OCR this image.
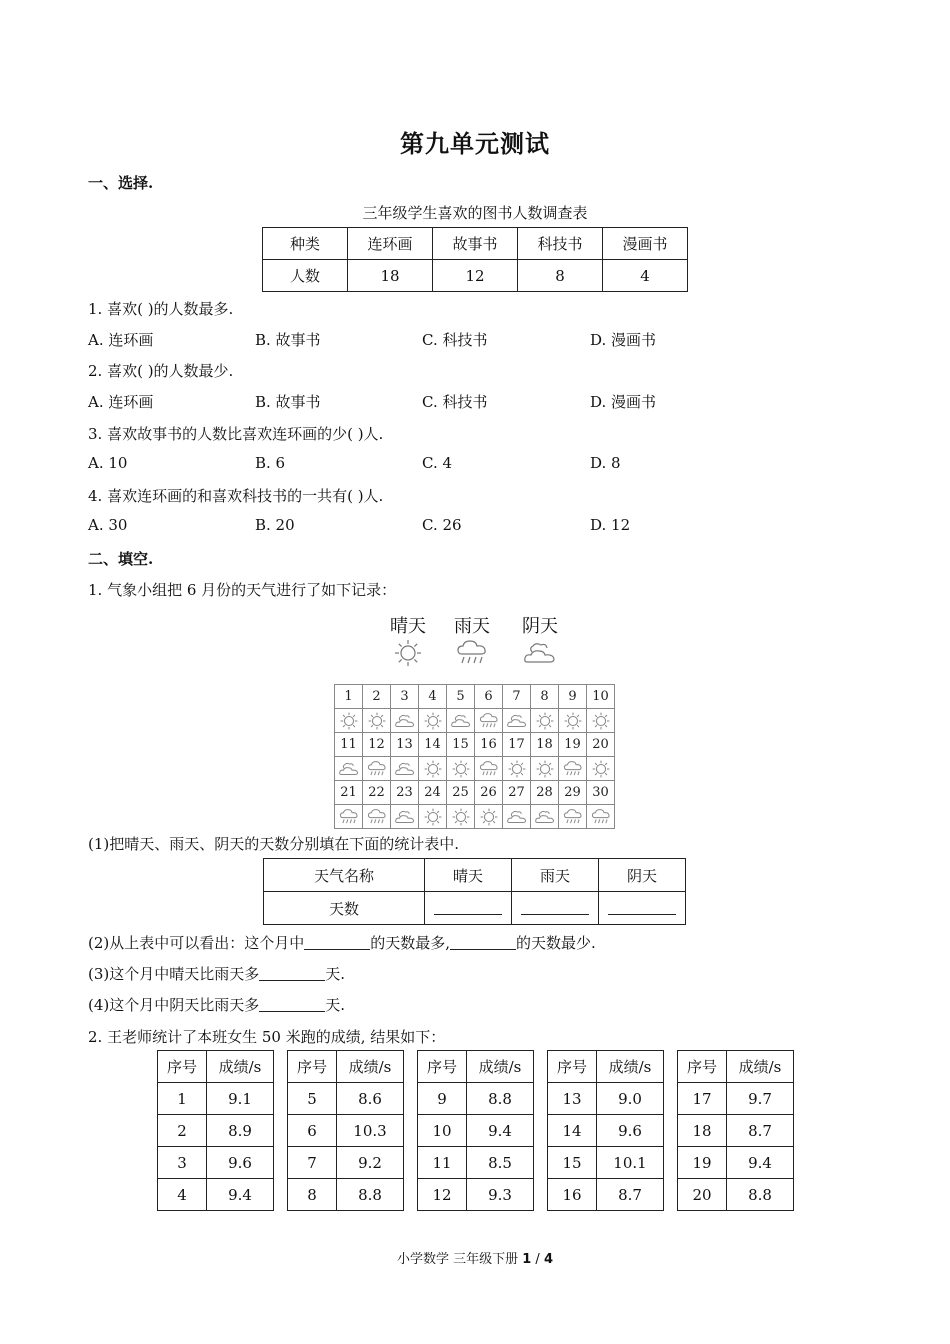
第九单元测试
一、选择.
三年级学生喜欢的图书人数调查表
种类	连环画	故事书	科技书	漫画书
人数	18	12	8	4
1. 喜欢( )的人数最多.
A. 连环画	B. 故事书	C. 科技书	D. 漫画书
2. 喜欢( )的人数最少.
A. 连环画	B. 故事书	C. 科技书	D. 漫画书
3. 喜欢故事书的人数比喜欢连环画的少( )人.
A. 10	B. 6	C. 4	D. 8
4. 喜欢连环画的和喜欢科技书的一共有( )人.
A. 30	B. 20	C. 26	D. 12
二、填空.
1. 气象小组把 6 月份的天气进行了如下记录：
晴天	雨天	阴天
1	2	3	4	5	6	7	8	9	10

11	12	13	14	15	16	17	18	19	20

21	22	23	24	25	26	27	28	29	30

(1)把晴天、雨天、阴天的天数分别填在下面的统计表中.
天气名称	晴天	雨天	阴天
天数			
(2)从上表中可以看出：这个月中	的天数最多,	的天数最少.
(3)这个月中晴天比雨天多	天.
(4)这个月中阴天比雨天多	天.
2. 王老师统计了本班女生 50 米跑的成绩, 结果如下：
序号	成绩/s
1	9.1
2	8.9
3	9.6
4	9.4
序号	成绩/s
5	8.6
6	10.3
7	9.2
8	8.8
序号	成绩/s
9	8.8
10	9.4
11	8.5
12	9.3
序号	成绩/s
13	9.0
14	9.6
15	10.1
16	8.7
序号	成绩/s
17	9.7
18	8.7
19	9.4
20	8.8
小学数学 三年级下册 1 / 4
